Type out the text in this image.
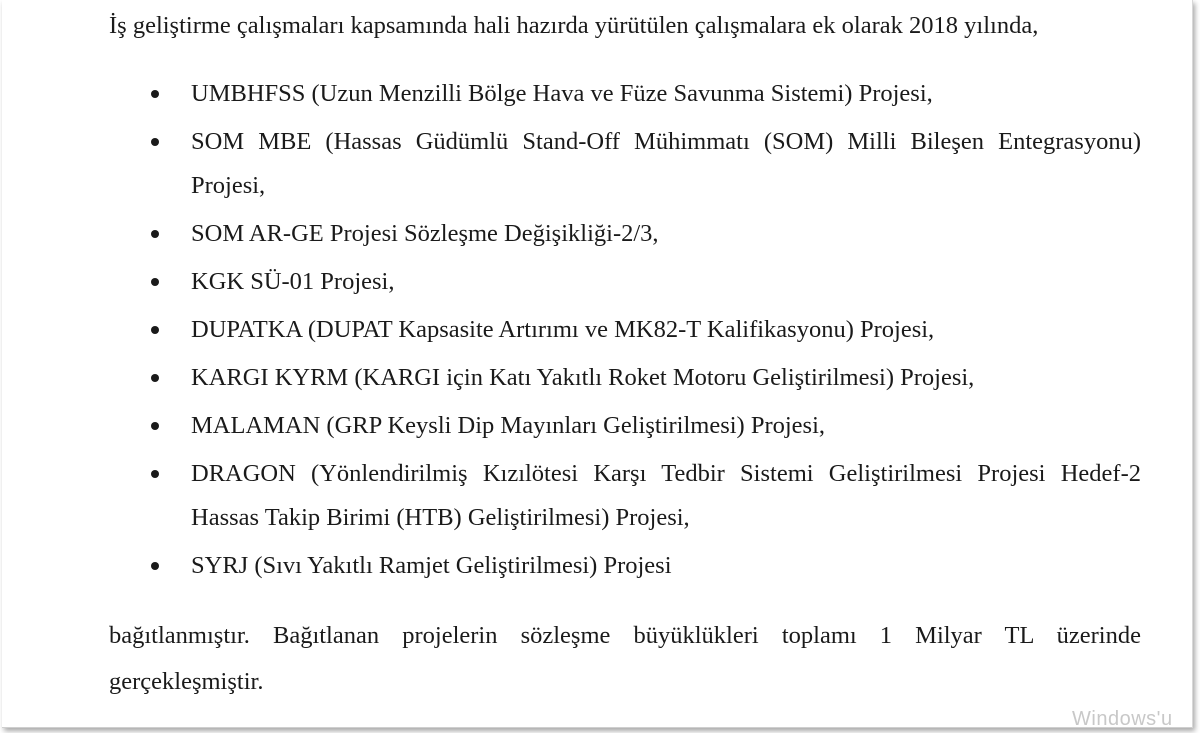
İş geliştirme çalışmaları kapsamında hali hazırda yürütülen çalışmalara ek olarak 2018 yılında,

UMBHFSS (Uzun Menzilli Bölge Hava ve Füze Savunma Sistemi) Projesi,
SOM MBE (Hassas Güdümlü Stand-Off Mühimmatı (SOM) Milli Bileşen Entegrasyonu) Projesi,
SOM AR-GE Projesi Sözleşme Değişikliği-2/3,
KGK SÜ-01 Projesi,
DUPATKA (DUPAT Kapsasite Artırımı ve MK82-T Kalifikasyonu) Projesi,
KARGI KYRM (KARGI için Katı Yakıtlı Roket Motoru Geliştirilmesi) Projesi,
MALAMAN (GRP Keysli Dip Mayınları Geliştirilmesi) Projesi,
DRAGON (Yönlendirilmiş Kızılötesi Karşı Tedbir Sistemi Geliştirilmesi Projesi Hedef-2 Hassas Takip Birimi (HTB) Geliştirilmesi) Projesi,
SYRJ (Sıvı Yakıtlı Ramjet Geliştirilmesi) Projesi

bağıtlanmıştır. Bağıtlanan projelerin sözleşme büyüklükleri toplamı 1 Milyar TL üzerinde gerçekleşmiştir.

Windows'u
